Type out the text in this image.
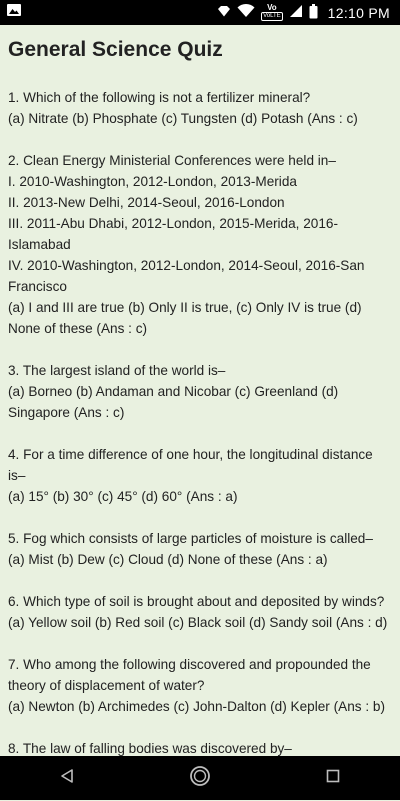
Vo
VoLTE	12:10 PM
General Science Quiz
1. Which of the following is not a fertilizer mineral?
(a) Nitrate (b) Phosphate (c) Tungsten (d) Potash (Ans : c)
2. Clean Energy Ministerial Conferences were held in–
I. 2010-Washington, 2012-London, 2013-Merida
II. 2013-New Delhi, 2014-Seoul, 2016-London
III. 2011-Abu Dhabi, 2012-London, 2015-Merida, 2016-Islamabad
IV. 2010-Washington, 2012-London, 2014-Seoul, 2016-San Francisco
(a) I and III are true (b) Only II is true, (c) Only IV is true (d) None of these (Ans : c)
3. The largest island of the world is–
(a) Borneo (b) Andaman and Nicobar (c) Greenland (d) Singapore (Ans : c)
4. For a time difference of one hour, the longitudinal distance is–
(a) 15° (b) 30° (c) 45° (d) 60° (Ans : a)
5. Fog which consists of large particles of moisture is called–
(a) Mist (b) Dew (c) Cloud (d) None of these (Ans : a)
6. Which type of soil is brought about and deposited by winds?
(a) Yellow soil (b) Red soil (c) Black soil (d) Sandy soil (Ans : d)
7. Who among the following discovered and propounded the theory of displacement of water?
(a) Newton (b) Archimedes (c) John-Dalton (d) Kepler (Ans : b)
8. The law of falling bodies was discovered by–
